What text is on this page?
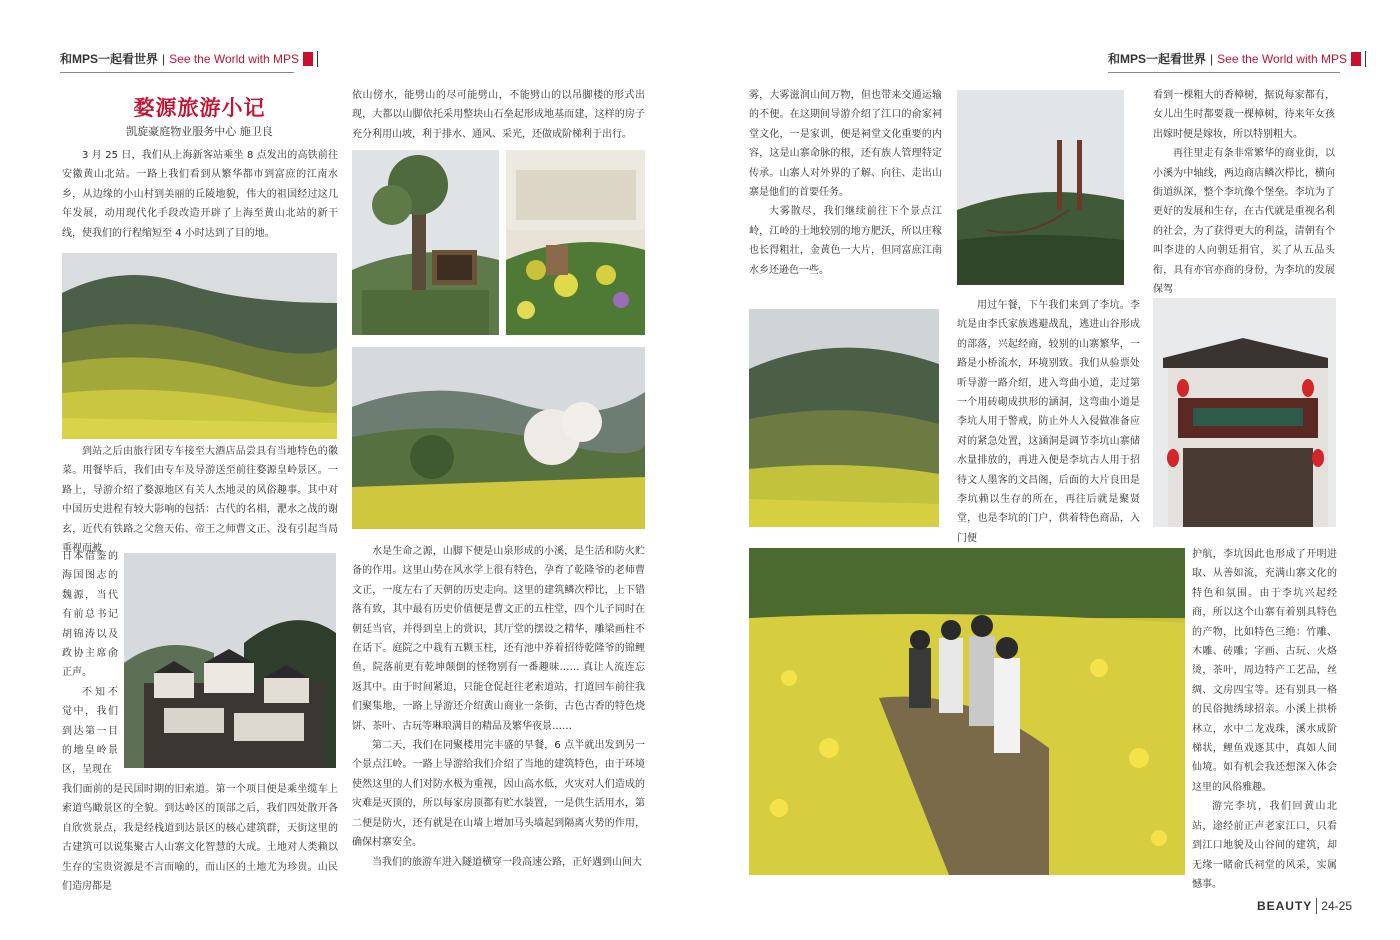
和MPS一起看世界 | See the World with MPS	和MPS一起看世界 | See the World with MPS
婺源旅游小记
凯旋豪庭物业服务中心 施卫良

3 月 25 日，我们从上海新客站乘坐 8 点发出的高铁前往安徽黄山北站。一路上我们看到从繁华都市到富庶的江南水乡，从边缘的小山村到美丽的丘陵地貌，伟大的祖国经过这几年发展，动用现代化手段改造开辟了上海至黄山北站的新干线，使我们的行程缩短至 4 小时达到了目的地。

到站之后由旅行团专车接至大酒店品尝具有当地特色的徽菜。用餐毕后，我们由专车及导游送至前往婺源皇岭景区。一路上，导游介绍了婺源地区有关人杰地灵的风俗趣事。其中对中国历史进程有较大影响的包括：古代的名相，淝水之战的谢玄，近代有铁路之父詹天佑、帝王之师曹文正、没有引起当局重视而被

日本借鉴的海国图志的魏源，当代有前总书记胡锦涛以及政协主席俞正声。

不知不觉中，我们到达第一目的地皇岭景区，呈现在

我们面前的是民国时期的旧索道。第一个项目便是乘坐缆车上索道鸟瞰景区的全貌。到达岭区的顶部之后，我们四处散开各自欣赏景点，我是经栈道到达景区的核心建筑群，天街这里的古建筑可以说集聚古人山寨文化智慧的大成。土地对人类赖以生存的宝贵资源是不言而喻的，而山区的土地尤为珍贵。山民们造房都是

依山傍水，能劈山的尽可能劈山，不能劈山的以吊脚楼的形式出现，大都以山脚依托采用整块山石垒起形成地基而建，这样的房子充分利用山坡，利于排水、通风、采光，还做成阶梯利于出行。

水是生命之源，山脚下便是山泉形成的小溪，是生活和防火贮备的作用。这里山势在风水学上很有特色，孕育了乾隆爷的老师曹文正，一度左右了天朝的历史走向。这里的建筑鳞次栉比，上下错落有致，其中最有历史价值便是曹文正的五柱堂，四个儿子同时在朝廷当官，并得到皇上的赏识，其厅堂的摆设之精华，雕梁画柱不在话下。庭院之中栽有五颗玉柱，还有池中养着招待乾隆爷的锦鲤鱼，院落前更有乾坤颠倒的怪物别有一番趣味…… 真让人流连忘返其中。由于时间紧迫，只能仓促赶往老索道站，打道回车前往我们聚集地，一路上导游还介绍黄山商业一条街，古色古香的特色烧饼、茶叶、古玩等琳琅满目的精品及繁华夜景……

第二天，我们在同聚楼用完丰盛的早餐，6 点半就出发到另一个景点江岭。一路上导游给我们介绍了当地的建筑特色，由于环境使然这里的人们对防水极为重视，因山高水低，火灾对人们造成的灾难是灭顶的，所以每家房顶都有贮水装置，一是供生活用水，第二便是防火，还有就是在山墙上增加马头墙起到隔离火势的作用，确保村寨安全。

当我们的旅游车进入隧道横穿一段高速公路，正好遇到山间大

雾，大雾滋润山间万物，但也带来交通运输的不便。在这期间导游介绍了江口的俞家祠堂文化，一是家训，便是祠堂文化重要的内容，这是山寨命脉的根，还有族人管理特定传承。山寨人对外界的了解、向往、走出山寨是他们的首要任务。

大雾散尽，我们继续前往下个景点江岭，江岭的土地较别的地方肥沃，所以庄稼也长得粗壮，金黄色一大片，但同富庶江南水乡还逊色一些。

用过午餐，下午我们来到了李坑。李坑是由李氏家族逃避战乱，逃进山谷形成的部落，兴起经商，较别的山寨繁华，一路是小桥流水，环境别致。我们从验票处听导游一路介绍，进入弯曲小道，走过第一个用砖砌成拱形的涵洞，这弯曲小道是李坑人用于警戒，防止外人入侵做准备应对的紧急处置，这涵洞是调节李坑山寨储水量排放的，再进入便是李坑古人用于招待文人墨客的文昌阁，后面的大片良田是李坑赖以生存的所在，再往后就是聚贤堂，也是李坑的门户，供着特色商品，入门便

看到一棵粗大的香樟树，据说每家都有，女儿出生时都要栽一棵樟树，待来年女孩出嫁时便是嫁妆，所以特别粗大。

再往里走有条非常繁华的商业街，以小溪为中轴线，两边商店鳞次栉比，横向街道纵深，整个李坑像个堡垒。李坑为了更好的发展和生存，在古代就是重视名利的社会，为了获得更大的利益，清朝有个叫李进的人向朝廷捐官，买了从五品头衔，具有亦官亦商的身份，为李坑的发展保驾

护航，李坑因此也形成了开明进取、从善如流，充满山寨文化的特色和氛围。由于李坑兴起经商，所以这个山寨有着别具特色的产物，比如特色三绝：竹雕、木雕、砖雕；字画、古玩、火烙烫，茶叶，周边特产工艺品，丝绸、文房四宝等。还有别具一格的民俗抛绣球招亲。小溪上拱桥林立，水中二龙戏珠，溪水成阶梯状，鲤鱼戏逐其中，真如人间仙境。如有机会我还想深入体会这里的风俗雅趣。

游完李坑，我们回黄山北站，途经前正声老家江口，只看到江口地貌及山谷间的建筑，却无缘一睹俞氏祠堂的风采，实属憾事。

BEAUTY 24-25
